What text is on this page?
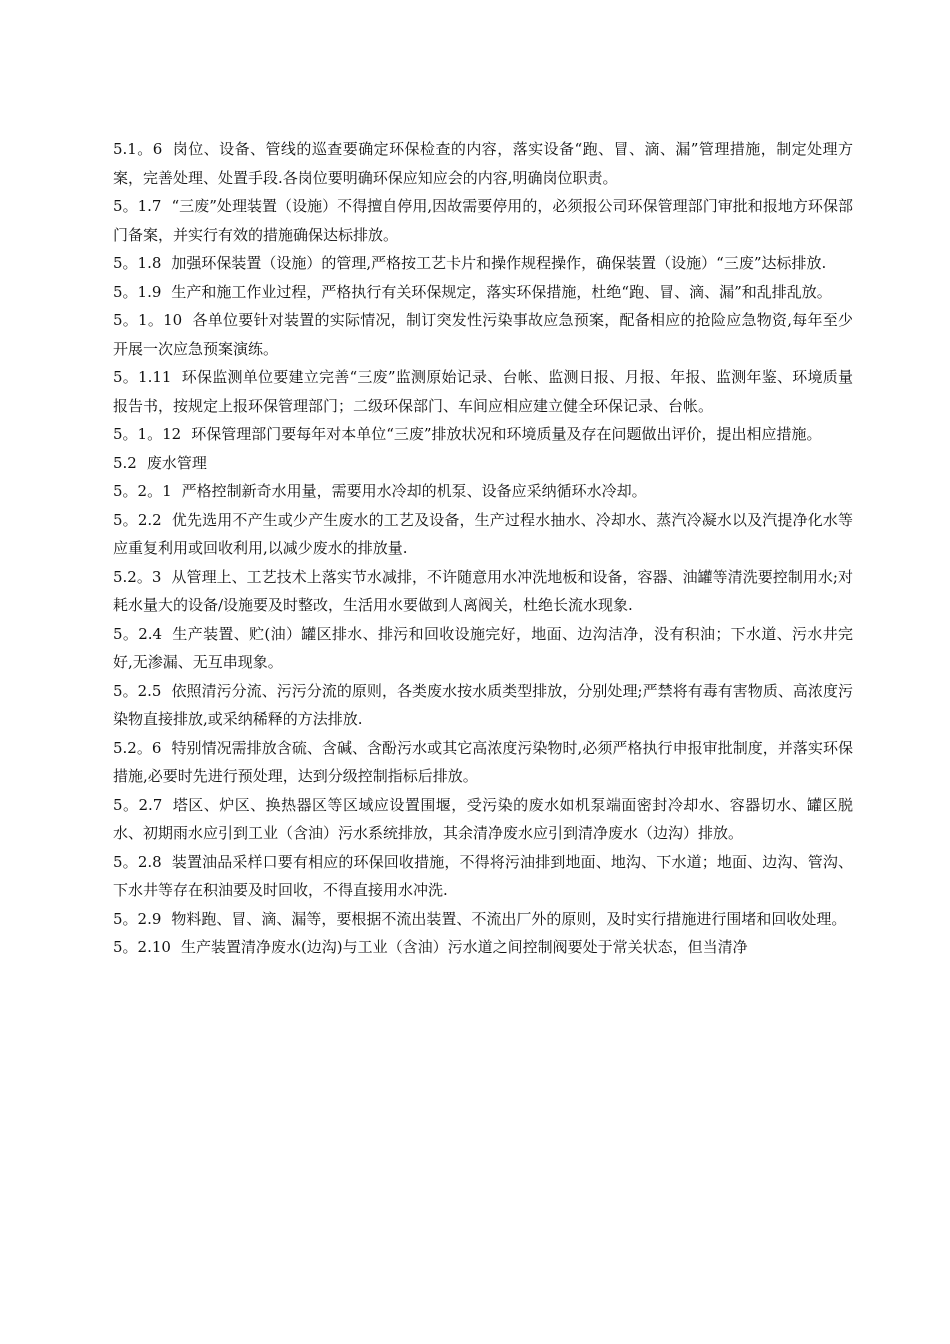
5.1。6 岗位、设备、管线的巡查要确定环保检查的内容，落实设备“跑、冒、滴、漏”管理措施，制定处理方案，完善处理、处置手段.各岗位要明确环保应知应会的内容,明确岗位职责。

5。1.7 “三废”处理装置（设施）不得擅自停用,因故需要停用的，必须报公司环保管理部门审批和报地方环保部门备案，并实行有效的措施确保达标排放。

5。1.8 加强环保装置（设施）的管理,严格按工艺卡片和操作规程操作，确保装置（设施）“三废”达标排放.

5。1.9 生产和施工作业过程，严格执行有关环保规定，落实环保措施，杜绝“跑、冒、滴、漏”和乱排乱放。

5。1。10 各单位要针对装置的实际情况，制订突发性污染事故应急预案，配备相应的抢险应急物资,每年至少开展一次应急预案演练。

5。1.11 环保监测单位要建立完善“三废”监测原始记录、台帐、监测日报、月报、年报、监测年鉴、环境质量报告书，按规定上报环保管理部门；二级环保部门、车间应相应建立健全环保记录、台帐。

5。1。12 环保管理部门要每年对本单位“三废”排放状况和环境质量及存在问题做出评价，提出相应措施。

5.2 废水管理

5。2。1 严格控制新奇水用量，需要用水冷却的机泵、设备应采纳循环水冷却。

5。2.2 优先选用不产生或少产生废水的工艺及设备，生产过程水抽水、冷却水、蒸汽冷凝水以及汽提净化水等应重复利用或回收利用,以减少废水的排放量.

5.2。3 从管理上、工艺技术上落实节水减排，不许随意用水冲洗地板和设备，容器、油罐等清洗要控制用水;对耗水量大的设备/设施要及时整改，生活用水要做到人离阀关，杜绝长流水现象.

5。2.4 生产装置、贮(油）罐区排水、排污和回收设施完好，地面、边沟洁净，没有积油；下水道、污水井完好,无渗漏、无互串现象。

5。2.5 依照清污分流、污污分流的原则，各类废水按水质类型排放，分别处理;严禁将有毒有害物质、高浓度污染物直接排放,或采纳稀释的方法排放.

5.2。6 特别情况需排放含硫、含碱、含酚污水或其它高浓度污染物时,必须严格执行申报审批制度，并落实环保措施,必要时先进行预处理，达到分级控制指标后排放。

5。2.7 塔区、炉区、换热器区等区域应设置围堰，受污染的废水如机泵端面密封冷却水、容器切水、罐区脱水、初期雨水应引到工业（含油）污水系统排放，其余清净废水应引到清净废水（边沟）排放。

5。2.8 装置油品采样口要有相应的环保回收措施，不得将污油排到地面、地沟、下水道；地面、边沟、管沟、下水井等存在积油要及时回收，不得直接用水冲洗.

5。2.9 物料跑、冒、滴、漏等，要根据不流出装置、不流出厂外的原则，及时实行措施进行围堵和回收处理。

5。2.10 生产装置清净废水(边沟)与工业（含油）污水道之间控制阀要处于常关状态，但当清净
